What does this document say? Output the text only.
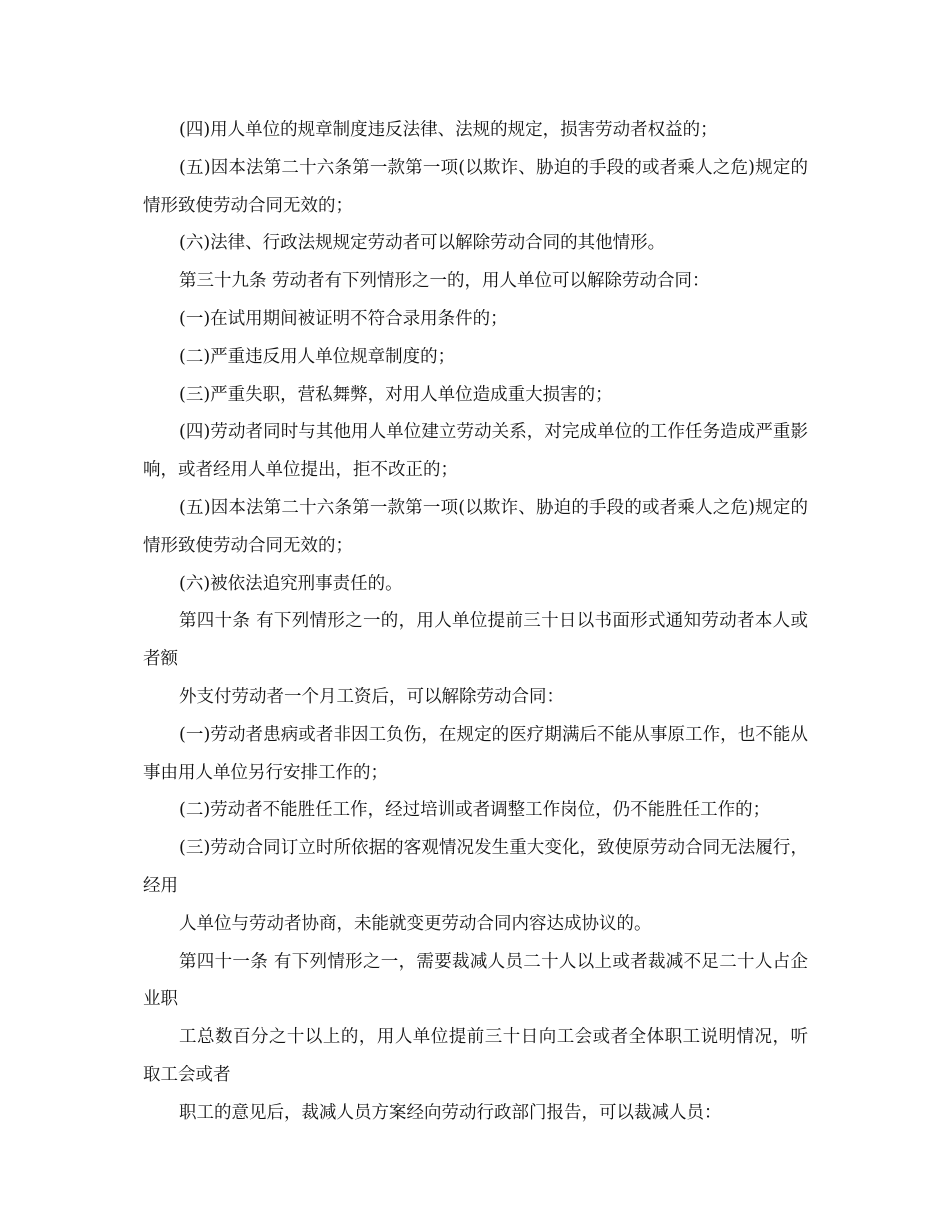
(四)用人单位的规章制度违反法律、法规的规定，损害劳动者权益的；

(五)因本法第二十六条第一款第一项(以欺诈、胁迫的手段的或者乘人之危)规定的情形致使劳动合同无效的；

(六)法律、行政法规规定劳动者可以解除劳动合同的其他情形。

第三十九条 劳动者有下列情形之一的，用人单位可以解除劳动合同：

(一)在试用期间被证明不符合录用条件的；

(二)严重违反用人单位规章制度的；

(三)严重失职，营私舞弊，对用人单位造成重大损害的；

(四)劳动者同时与其他用人单位建立劳动关系，对完成单位的工作任务造成严重影响，或者经用人单位提出，拒不改正的；

(五)因本法第二十六条第一款第一项(以欺诈、胁迫的手段的或者乘人之危)规定的情形致使劳动合同无效的；

(六)被依法追究刑事责任的。

第四十条 有下列情形之一的，用人单位提前三十日以书面形式通知劳动者本人或者额

外支付劳动者一个月工资后，可以解除劳动合同：

(一)劳动者患病或者非因工负伤，在规定的医疗期满后不能从事原工作，也不能从事由用人单位另行安排工作的；

(二)劳动者不能胜任工作，经过培训或者调整工作岗位，仍不能胜任工作的；

(三)劳动合同订立时所依据的客观情况发生重大变化，致使原劳动合同无法履行，经用

人单位与劳动者协商，未能就变更劳动合同内容达成协议的。

第四十一条 有下列情形之一，需要裁减人员二十人以上或者裁减不足二十人占企业职

工总数百分之十以上的，用人单位提前三十日向工会或者全体职工说明情况，听取工会或者

职工的意见后，裁减人员方案经向劳动行政部门报告，可以裁减人员：
